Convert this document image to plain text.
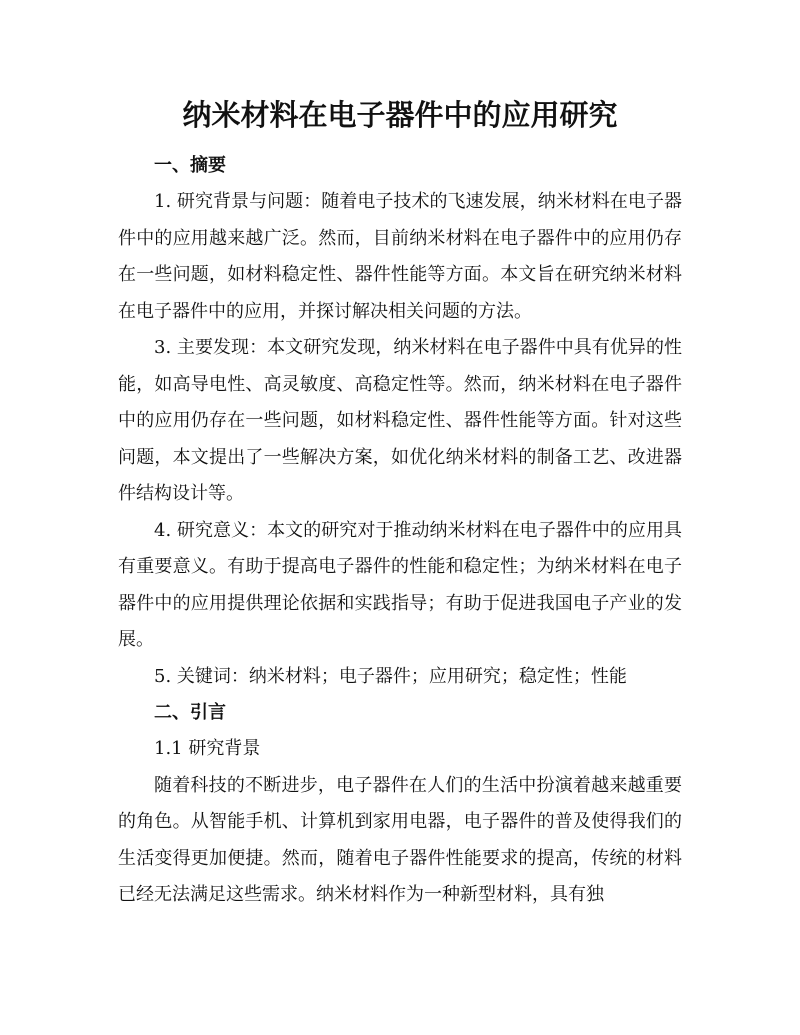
纳米材料在电子器件中的应用研究
一、摘要

1. 研究背景与问题：随着电子技术的飞速发展，纳米材料在电子器件中的应用越来越广泛。然而，目前纳米材料在电子器件中的应用仍存在一些问题，如材料稳定性、器件性能等方面。本文旨在研究纳米材料在电子器件中的应用，并探讨解决相关问题的方法。

3. 主要发现：本文研究发现，纳米材料在电子器件中具有优异的性能，如高导电性、高灵敏度、高稳定性等。然而，纳米材料在电子器件中的应用仍存在一些问题，如材料稳定性、器件性能等方面。针对这些问题，本文提出了一些解决方案，如优化纳米材料的制备工艺、改进器件结构设计等。

4. 研究意义：本文的研究对于推动纳米材料在电子器件中的应用具有重要意义。有助于提高电子器件的性能和稳定性；为纳米材料在电子器件中的应用提供理论依据和实践指导；有助于促进我国电子产业的发展。

5. 关键词：纳米材料；电子器件；应用研究；稳定性；性能

二、引言

1.1 研究背景

随着科技的不断进步，电子器件在人们的生活中扮演着越来越重要的角色。从智能手机、计算机到家用电器，电子器件的普及使得我们的生活变得更加便捷。然而，随着电子器件性能要求的提高，传统的材料已经无法满足这些需求。纳米材料作为一种新型材料，具有独
